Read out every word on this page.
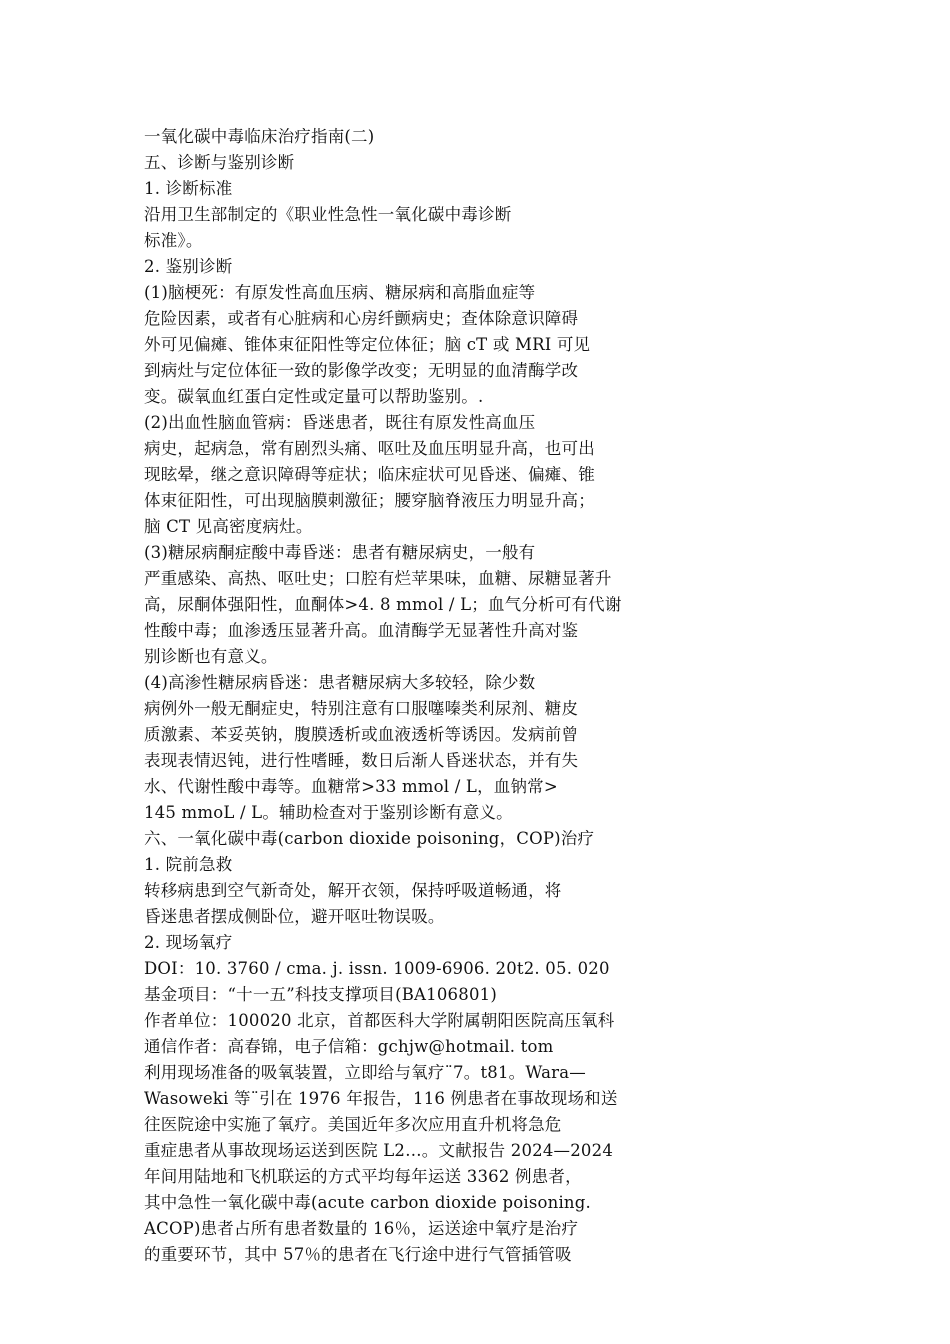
一氧化碳中毒临床治疗指南(二)
五、诊断与鉴别诊断
1. 诊断标准
沿用卫生部制定的《职业性急性一氧化碳中毒诊断
标准》。
2. 鉴别诊断
(1)脑梗死：有原发性高血压病、糖尿病和高脂血症等
危险因素，或者有心脏病和心房纤颤病史；查体除意识障碍
外可见偏瘫、锥体束征阳性等定位体征；脑 cT 或 MRI 可见
到病灶与定位体征一致的影像学改变；无明显的血清酶学改
变。碳氧血红蛋白定性或定量可以帮助鉴别。.
(2)出血性脑血管病：昏迷患者，既往有原发性高血压
病史，起病急，常有剧烈头痛、呕吐及血压明显升高，也可出
现眩晕，继之意识障碍等症状；临床症状可见昏迷、偏瘫、锥
体束征阳性，可出现脑膜刺激征；腰穿脑脊液压力明显升高；
脑 CT 见高密度病灶。
(3)糖尿病酮症酸中毒昏迷：患者有糖尿病史，一般有
严重感染、高热、呕吐史；口腔有烂苹果味，血糖、尿糖显著升
高，尿酮体强阳性，血酮体>4. 8 mmol / L；血气分析可有代谢
性酸中毒；血渗透压显著升高。血清酶学无显著性升高对鉴
别诊断也有意义。
(4)高渗性糖尿病昏迷：患者糖尿病大多较轻，除少数
病例外一般无酮症史，特别注意有口服噻嗪类利尿剂、糖皮
质激素、苯妥英钠，腹膜透析或血液透析等诱因。发病前曾
表现表情迟钝，进行性嗜睡，数日后渐人昏迷状态，并有失
水、代谢性酸中毒等。血糖常>33 mmol / L，血钠常>
145 mmoL / L。辅助检查对于鉴别诊断有意义。
六、一氧化碳中毒(carbon dioxide poisoning，COP)治疗
1. 院前急救
转移病患到空气新奇处，解开衣领，保持呼吸道畅通，将
昏迷患者摆成侧卧位，避开呕吐物误吸。
2. 现场氧疗
DOI：10. 3760 / cma. j. issn. 1009-6906. 20t2. 05. 020
基金项目：“十一五”科技支撑项目(BA106801)
作者单位：100020 北京，首都医科大学附属朝阳医院高压氧科
通信作者：高春锦，电子信箱：gchjw@hotmail. tom
利用现场准备的吸氧装置，立即给与氧疗¨7。t81。Wara—
Wasoweki 等¨引在 1976 年报告，116 例患者在事故现场和送
往医院途中实施了氧疗。美国近年多次应用直升机将急危
重症患者从事故现场运送到医院 L2…。文献报告 2024—2024
年间用陆地和飞机联运的方式平均每年运送 3362 例患者，
其中急性一氧化碳中毒(acute carbon dioxide poisoning.
ACOP)患者占所有患者数量的 16％，运送途中氧疗是治疗
的重要环节，其中 57％的患者在飞行途中进行气管插管吸
